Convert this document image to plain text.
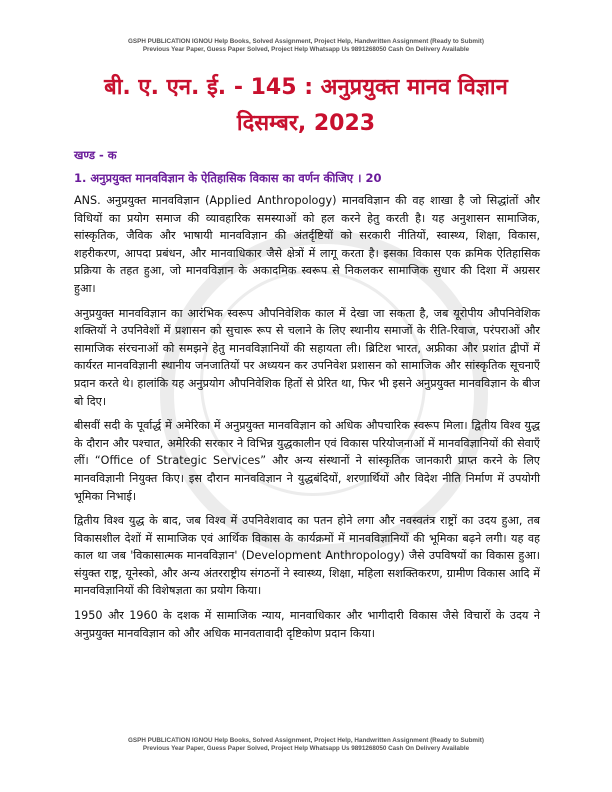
GSPH PUBLICATION IGNOU Help Books, Solved Assignment, Project Help, Handwritten Assignment (Ready to Submit)
Previous Year Paper, Guess Paper Solved, Project Help Whatsapp Us 9891268050 Cash On Delivery Available
बी. ए. एन. ई. - 145 : अनुप्रयुक्त मानव विज्ञान
दिसम्बर, 2023
खण्ड - क
1. अनुप्रयुक्त मानवविज्ञान के ऐतिहासिक विकास का वर्णन कीजिए । 20

ANS. अनुप्रयुक्त मानवविज्ञान (Applied Anthropology) मानवविज्ञान की वह शाखा है जो सिद्धांतों और विधियों का प्रयोग समाज की व्यावहारिक समस्याओं को हल करने हेतु करती है। यह अनुशासन सामाजिक, सांस्कृतिक, जैविक और भाषायी मानवविज्ञान की अंतर्दृष्टियों को सरकारी नीतियों, स्वास्थ्य, शिक्षा, विकास, शहरीकरण, आपदा प्रबंधन, और मानवाधिकार जैसे क्षेत्रों में लागू करता है। इसका विकास एक क्रमिक ऐतिहासिक प्रक्रिया के तहत हुआ, जो मानवविज्ञान के अकादमिक स्वरूप से निकलकर सामाजिक सुधार की दिशा में अग्रसर हुआ।

अनुप्रयुक्त मानवविज्ञान का आरंभिक स्वरूप औपनिवेशिक काल में देखा जा सकता है, जब यूरोपीय औपनिवेशिक शक्तियों ने उपनिवेशों में प्रशासन को सुचारू रूप से चलाने के लिए स्थानीय समाजों के रीति-रिवाज, परंपराओं और सामाजिक संरचनाओं को समझने हेतु मानवविज्ञानियों की सहायता ली। ब्रिटिश भारत, अफ्रीका और प्रशांत द्वीपों में कार्यरत मानवविज्ञानी स्थानीय जनजातियों पर अध्ययन कर उपनिवेश प्रशासन को सामाजिक और सांस्कृतिक सूचनाएँ प्रदान करते थे। हालांकि यह अनुप्रयोग औपनिवेशिक हितों से प्रेरित था, फिर भी इसने अनुप्रयुक्त मानवविज्ञान के बीज बो दिए।

बीसवीं सदी के पूर्वार्द्ध में अमेरिका में अनुप्रयुक्त मानवविज्ञान को अधिक औपचारिक स्वरूप मिला। द्वितीय विश्व युद्ध के दौरान और पश्चात, अमेरिकी सरकार ने विभिन्न युद्धकालीन एवं विकास परियोजनाओं में मानवविज्ञानियों की सेवाएँ लीं। “Office of Strategic Services” और अन्य संस्थानों ने सांस्कृतिक जानकारी प्राप्त करने के लिए मानवविज्ञानी नियुक्त किए। इस दौरान मानवविज्ञान ने युद्धबंदियों, शरणार्थियों और विदेश नीति निर्माण में उपयोगी भूमिका निभाई।

द्वितीय विश्व युद्ध के बाद, जब विश्व में उपनिवेशवाद का पतन होने लगा और नवस्वतंत्र राष्ट्रों का उदय हुआ, तब विकासशील देशों में सामाजिक एवं आर्थिक विकास के कार्यक्रमों में मानवविज्ञानियों की भूमिका बढ़ने लगी। यह वह काल था जब 'विकासात्मक मानवविज्ञान' (Development Anthropology) जैसे उपविषयों का विकास हुआ। संयुक्त राष्ट्र, यूनेस्को, और अन्य अंतरराष्ट्रीय संगठनों ने स्वास्थ्य, शिक्षा, महिला सशक्तिकरण, ग्रामीण विकास आदि में मानवविज्ञानियों की विशेषज्ञता का प्रयोग किया।

1950 और 1960 के दशक में सामाजिक न्याय, मानवाधिकार और भागीदारी विकास जैसे विचारों के उदय ने अनुप्रयुक्त मानवविज्ञान को और अधिक मानवतावादी दृष्टिकोण प्रदान किया।

GSPH PUBLICATION IGNOU Help Books, Solved Assignment, Project Help, Handwritten Assignment (Ready to Submit)
Previous Year Paper, Guess Paper Solved, Project Help Whatsapp Us 9891268050 Cash On Delivery Available
